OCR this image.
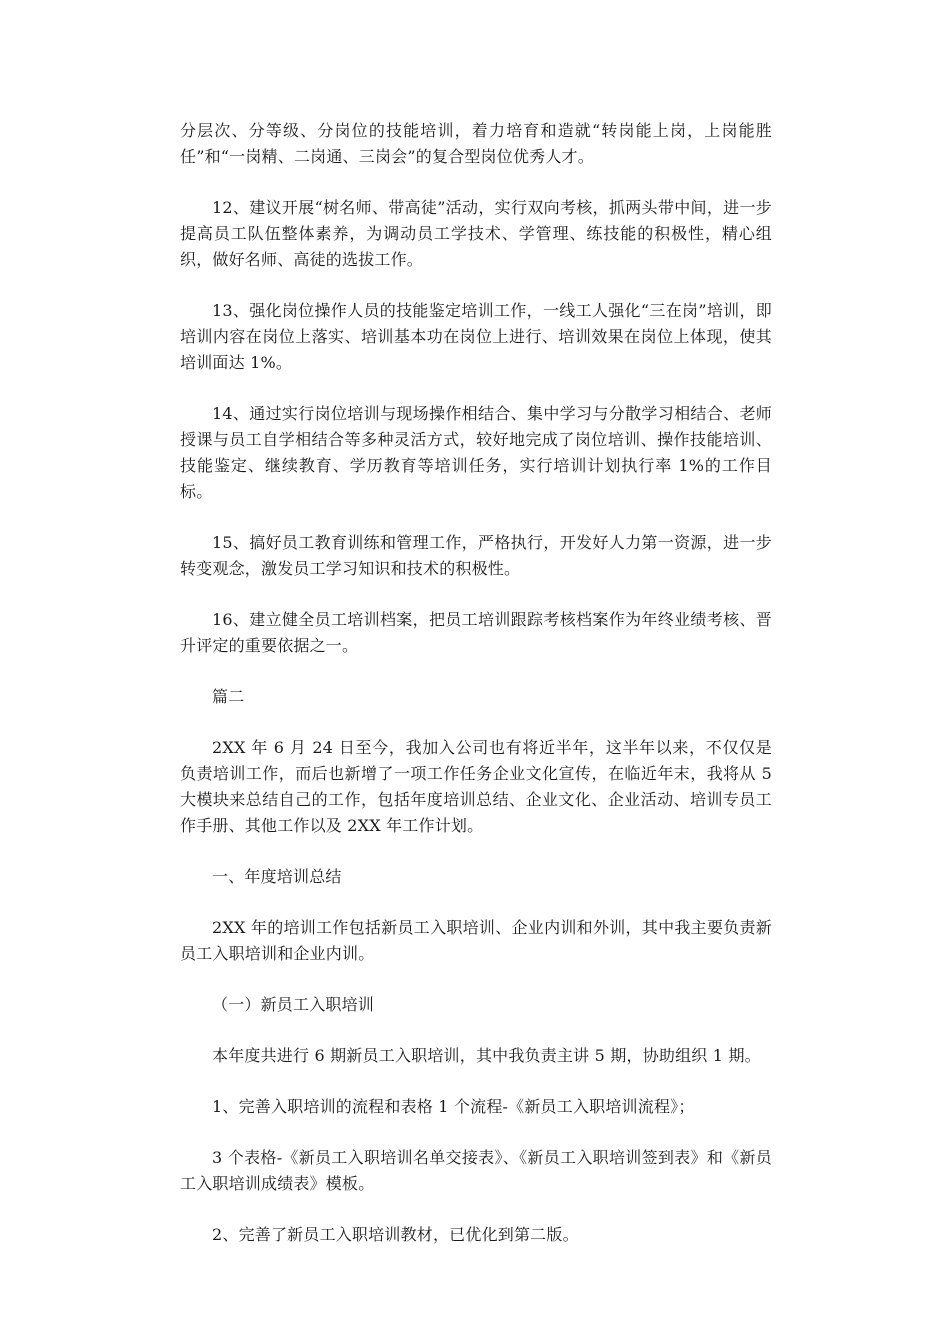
分层次、分等级、分岗位的技能培训，着力培育和造就“转岗能上岗，上岗能胜任”和“一岗精、二岗通、三岗会”的复合型岗位优秀人才。

12、建议开展“树名师、带高徒”活动，实行双向考核，抓两头带中间，进一步提高员工队伍整体素养，为调动员工学技术、学管理、练技能的积极性，精心组织，做好名师、高徒的选拔工作。

13、强化岗位操作人员的技能鉴定培训工作，一线工人强化“三在岗”培训，即培训内容在岗位上落实、培训基本功在岗位上进行、培训效果在岗位上体现，使其培训面达 1%。

14、通过实行岗位培训与现场操作相结合、集中学习与分散学习相结合、老师授课与员工自学相结合等多种灵活方式，较好地完成了岗位培训、操作技能培训、技能鉴定、继续教育、学历教育等培训任务，实行培训计划执行率 1%的工作目标。

15、搞好员工教育训练和管理工作，严格执行，开发好人力第一资源，进一步转变观念，激发员工学习知识和技术的积极性。

16、建立健全员工培训档案，把员工培训跟踪考核档案作为年终业绩考核、晋升评定的重要依据之一。

篇二

2XX 年 6 月 24 日至今，我加入公司也有将近半年，这半年以来，不仅仅是负责培训工作，而后也新增了一项工作任务企业文化宣传，在临近年末，我将从 5 大模块来总结自己的工作，包括年度培训总结、企业文化、企业活动、培训专员工作手册、其他工作以及 2XX 年工作计划。

一、年度培训总结

2XX 年的培训工作包括新员工入职培训、企业内训和外训，其中我主要负责新员工入职培训和企业内训。

（一）新员工入职培训

本年度共进行 6 期新员工入职培训，其中我负责主讲 5 期，协助组织 1 期。

1、完善入职培训的流程和表格 1 个流程-《新员工入职培训流程》；

3 个表格-《新员工入职培训名单交接表》、《新员工入职培训签到表》和《新员工入职培训成绩表》模板。

2、完善了新员工入职培训教材，已优化到第二版。
